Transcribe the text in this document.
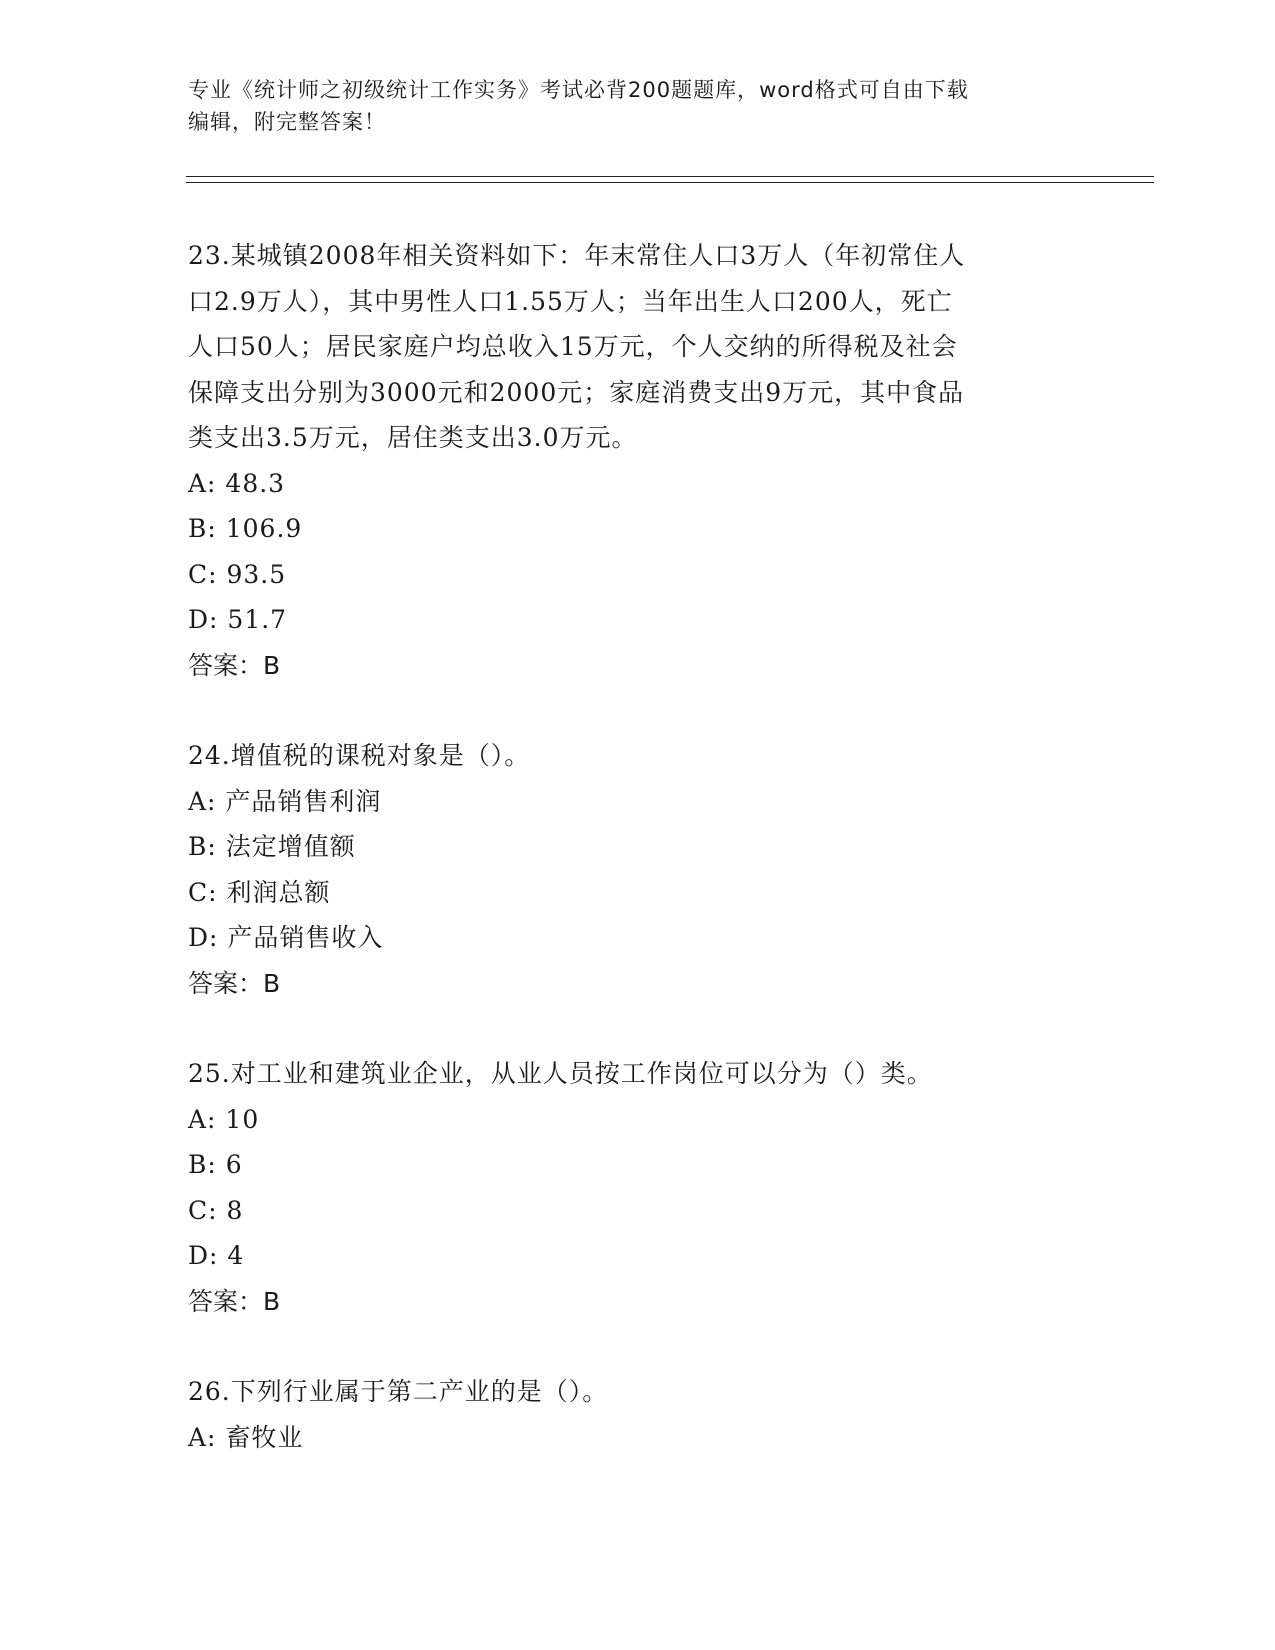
专业《统计师之初级统计工作实务》考试必背200题题库，word格式可自由下载
编辑，附完整答案！
23.某城镇2008年相关资料如下：年末常住人口3万人（年初常住人
口2.9万人），其中男性人口1.55万人；当年出生人口200人，死亡
人口50人；居民家庭户均总收入15万元，个人交纳的所得税及社会
保障支出分别为3000元和2000元；家庭消费支出9万元，其中食品
类支出3.5万元，居住类支出3.0万元。
A: 48.3
B: 106.9
C: 93.5
D: 51.7
答案：B
24.增值税的课税对象是（）。
A: 产品销售利润
B: 法定增值额
C: 利润总额
D: 产品销售收入
答案：B
25.对工业和建筑业企业，从业人员按工作岗位可以分为（）类。
A: 10
B: 6
C: 8
D: 4
答案：B
26.下列行业属于第二产业的是（）。
A: 畜牧业
